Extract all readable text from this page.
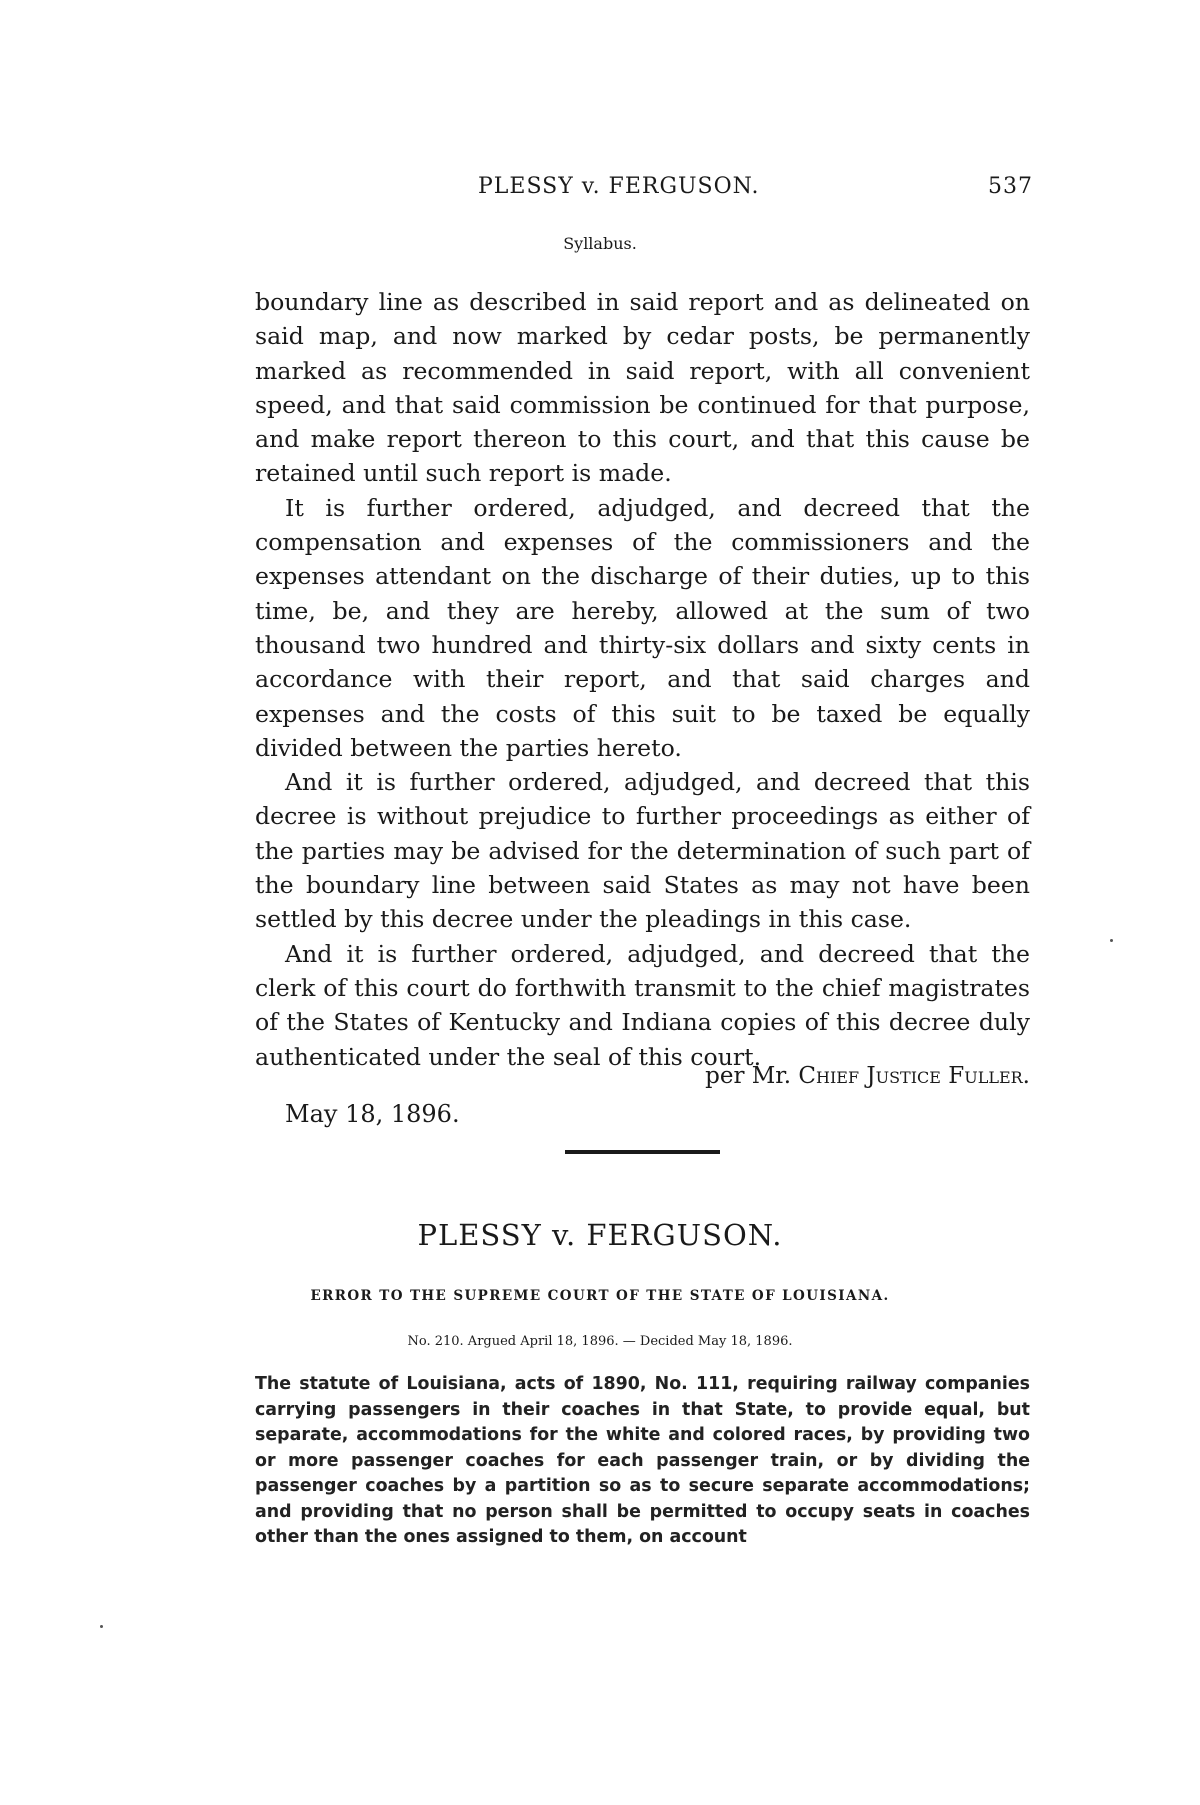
PLESSY v. FERGUSON.	537
Syllabus.

boundary line as described in said report and as delineated on said map, and now marked by cedar posts, be permanently marked as recommended in said report, with all convenient speed, and that said commission be continued for that purpose, and make report thereon to this court, and that this cause be retained until such report is made.

It is further ordered, adjudged, and decreed that the compensation and expenses of the commissioners and the expenses attendant on the discharge of their duties, up to this time, be, and they are hereby, allowed at the sum of two thousand two hundred and thirty-six dollars and sixty cents in accordance with their report, and that said charges and expenses and the costs of this suit to be taxed be equally divided between the parties hereto.

And it is further ordered, adjudged, and decreed that this decree is without prejudice to further proceedings as either of the parties may be advised for the determination of such part of the boundary line between said States as may not have been settled by this decree under the pleadings in this case.

And it is further ordered, adjudged, and decreed that the clerk of this court do forthwith transmit to the chief magistrates of the States of Kentucky and Indiana copies of this decree duly authenticated under the seal of this court.

per Mr. Chief Justice Fuller.
May 18, 1896.
PLESSY v. FERGUSON.
ERROR TO THE SUPREME COURT OF THE STATE OF LOUISIANA.
No. 210. Argued April 18, 1896. — Decided May 18, 1896.
The statute of Louisiana, acts of 1890, No. 111, requiring railway companies carrying passengers in their coaches in that State, to provide equal, but separate, accommodations for the white and colored races, by providing two or more passenger coaches for each passenger train, or by dividing the passenger coaches by a partition so as to secure separate accommodations; and providing that no person shall be permitted to occupy seats in coaches other than the ones assigned to them, on account
